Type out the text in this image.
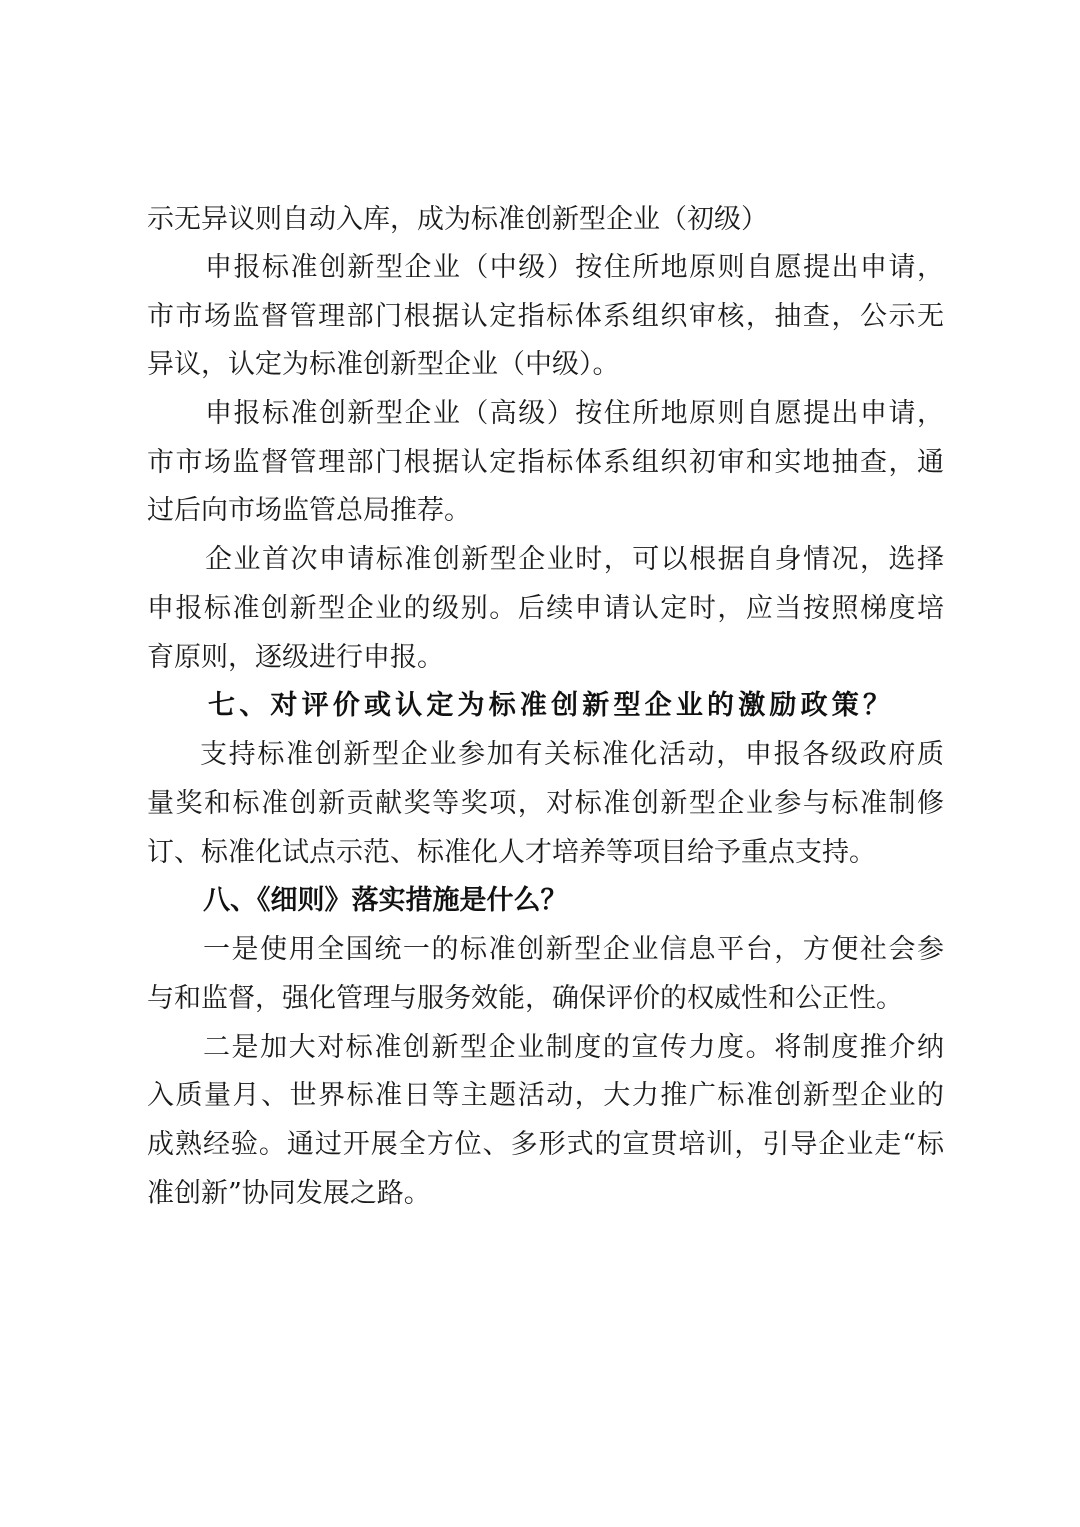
示无异议则自动入库，成为标准创新型企业（初级）
申报标准创新型企业（中级）按住所地原则自愿提出申请，
市市场监督管理部门根据认定指标体系组织审核，抽查，公示无
异议，认定为标准创新型企业（中级）。
申报标准创新型企业（高级）按住所地原则自愿提出申请，
市市场监督管理部门根据认定指标体系组织初审和实地抽查，通
过后向市场监管总局推荐。
企业首次申请标准创新型企业时，可以根据自身情况，选择
申报标准创新型企业的级别。后续申请认定时，应当按照梯度培
育原则，逐级进行申报。
七、对评价或认定为标准创新型企业的激励政策？
支持标准创新型企业参加有关标准化活动，申报各级政府质
量奖和标准创新贡献奖等奖项，对标准创新型企业参与标准制修
订、标准化试点示范、标准化人才培养等项目给予重点支持。
八、《细则》落实措施是什么？
一是使用全国统一的标准创新型企业信息平台，方便社会参
与和监督，强化管理与服务效能，确保评价的权威性和公正性。
二是加大对标准创新型企业制度的宣传力度。将制度推介纳
入质量月、世界标准日等主题活动，大力推广标准创新型企业的
成熟经验。通过开展全方位、多形式的宣贯培训，引导企业走“标
准创新”协同发展之路。
